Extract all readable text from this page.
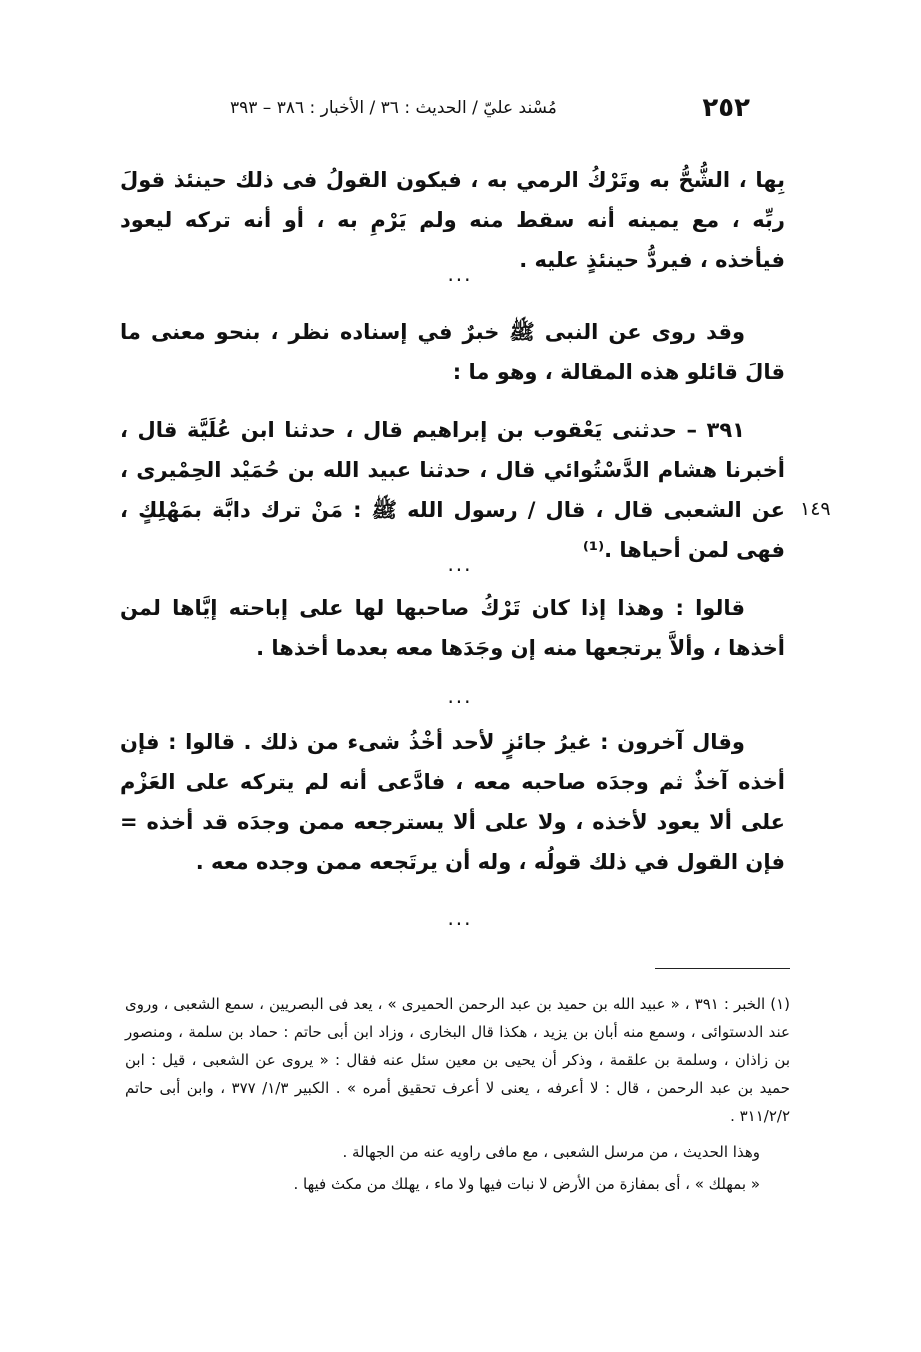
٢٥٢
مُسْند عليّ / الحديث : ٣٦ / الأخبار : ٣٨٦ – ٣٩٣
بِها ، الشُّحُّ به وتَرْكُ الرمي به ، فيكون القولُ فى ذلك حينئذ قولَ ربِّه ، مع يمينه أنه سقط منه ولم يَرْمِ به ، أو أنه تركه ليعود فيأخذه ، فيردُّ حينئذٍ عليه .
...
وقد روى عن النبى ﷺ خبرٌ في إسناده نظر ، بنحو معنى ما قالَ قائلو هذه المقالة ، وهو ما :
٣٩١ – حدثنى يَعْقوب بن إبراهيم قال ، حدثنا ابن عُلَيَّة قال ، أخبرنا هشام الدَّسْتُوائي قال ، حدثنا عبيد الله بن حُمَيْد الحِمْيرى ، عن الشعبى قال ، قال / رسول الله ﷺ : مَنْ ترك دابَّة بمَهْلِكٍ ، فهى لمن أحياها .⁽¹⁾
١٤٩
...
قالوا : وهذا إذا كان تَرْكُ صاحبها لها على إباحته إيَّاها لمن أخذها ، وألاَّ يرتجعها منه إن وجَدَها معه بعدما أخذها .
...
وقال آخرون : غيرُ جائزٍ لأحد أخْذُ شىء من ذلك . قالوا : فإن أخذه آخذٌ ثم وجدَه صاحبه معه ، فادَّعى أنه لم يتركه على العَزْم على ألا يعود لأخذه ، ولا على ألا يسترجعه ممن وجدَه قد أخذه = فإن القول في ذلك قولُه ، وله أن يرتَجعه ممن وجده معه .
...
(١) الخبر : ٣٩١ ، « عبيد الله بن حميد بن عبد الرحمن الحميرى » ، يعد فى البصريين ، سمع الشعبى ، وروى عند الدستوائى ، وسمع منه أبان بن يزيد ، هكذا قال البخارى ، وزاد ابن أبى حاتم : حماد بن سلمة ، ومنصور بن زاذان ، وسلمة بن علقمة ، وذكر أن يحيى بن معين سئل عنه فقال : « يروى عن الشعبى ، قيل : ابن حميد بن عبد الرحمن ، قال : لا أعرفه ، يعنى لا أعرف تحقيق أمره » . الكبير ١/٣/ ٣٧٧ ، وابن أبى حاتم ٣١١/٢/٢ .
وهذا الحديث ، من مرسل الشعبى ، مع مافى راويه عنه من الجهالة .
« بمهلك » ، أى بمفازة من الأرض لا نبات فيها ولا ماء ، يهلك من مكث فيها .
